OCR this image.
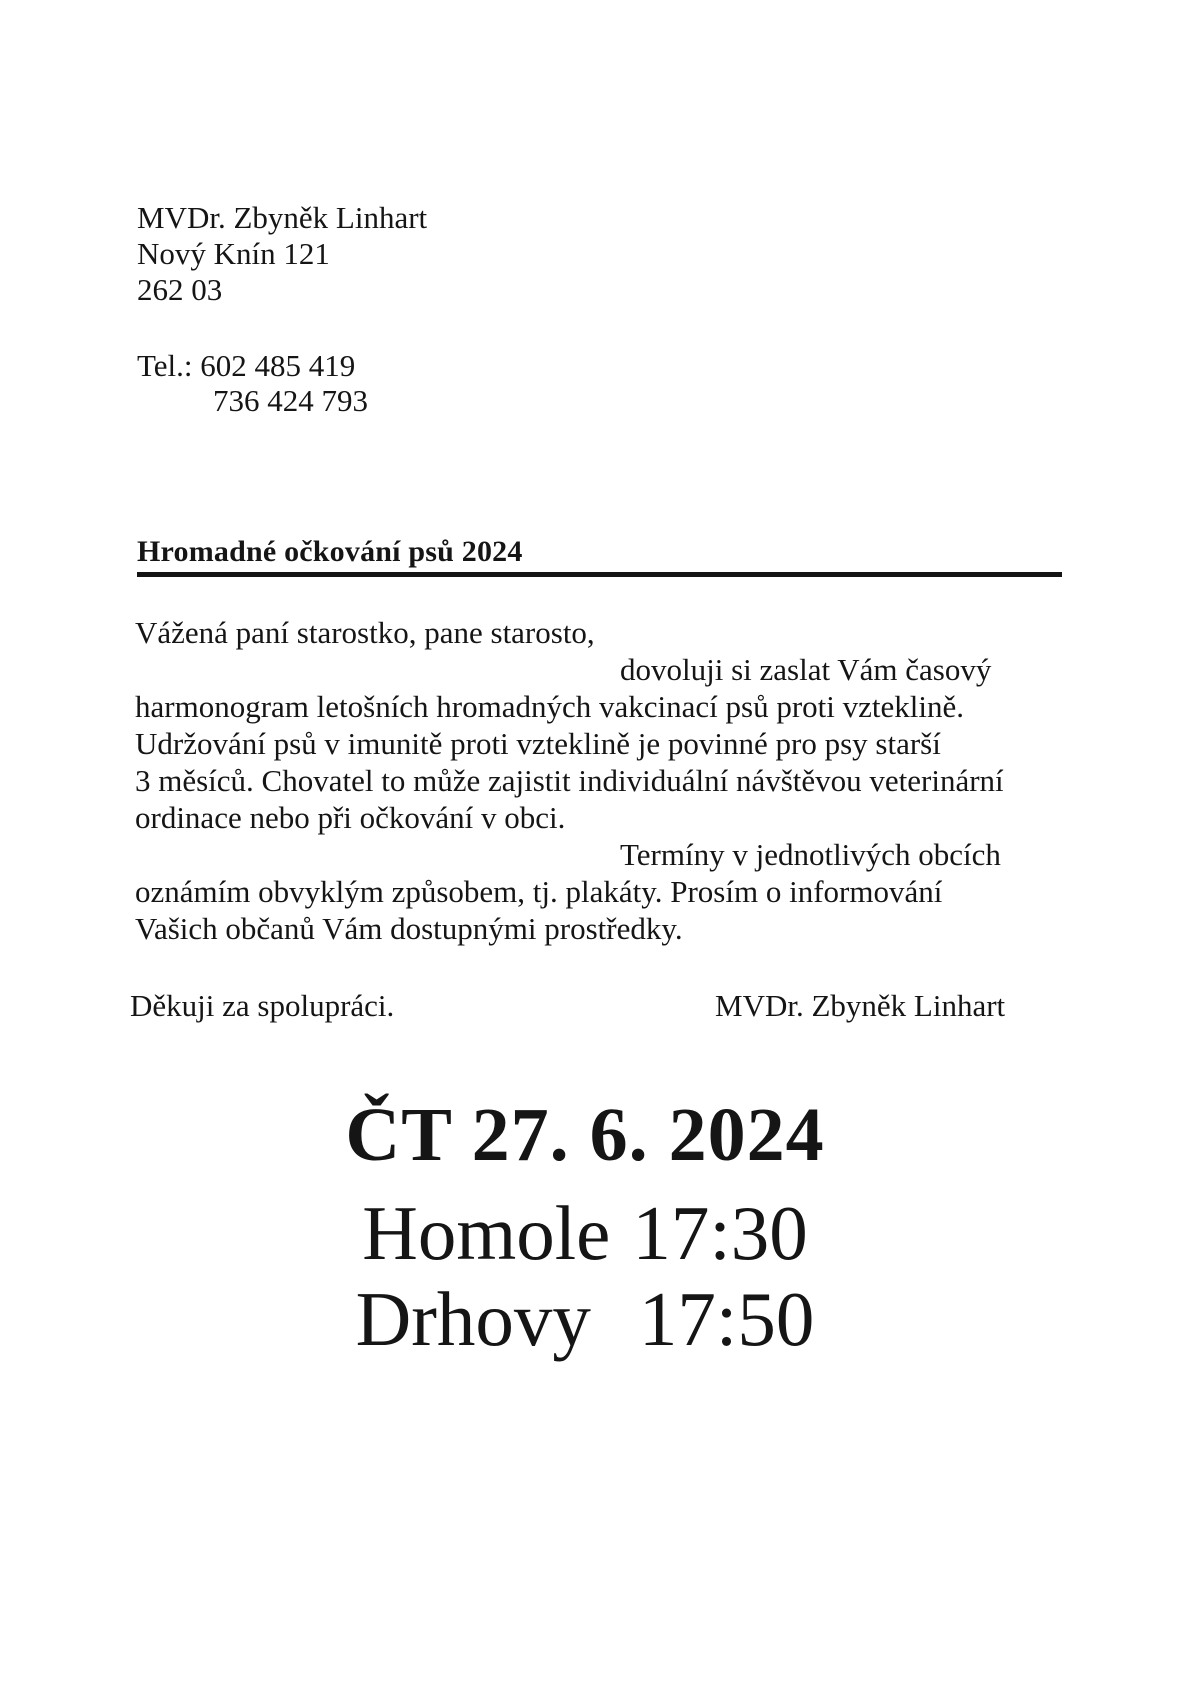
MVDr. Zbyněk Linhart
Nový Knín 121
262 03
Tel.: 602 485 419
736 424 793
Hromadné očkování psů 2024
Vážená paní starostko, pane starosto,
dovoluji si zaslat Vám časový
harmonogram letošních hromadných vakcinací psů proti vzteklině.
Udržování psů v imunitě proti vzteklině je povinné pro psy starší
3 měsíců. Chovatel to může zajistit individuální návštěvou veterinární
ordinace nebo při očkování v obci.
Termíny v jednotlivých obcích
oznámím obvyklým způsobem, tj. plakáty. Prosím o informování
Vašich občanů Vám dostupnými prostředky.
Děkuji za spolupráci.	MVDr. Zbyněk Linhart
ČT 27. 6. 2024
Homole 17:30
Drhovy 17:50
